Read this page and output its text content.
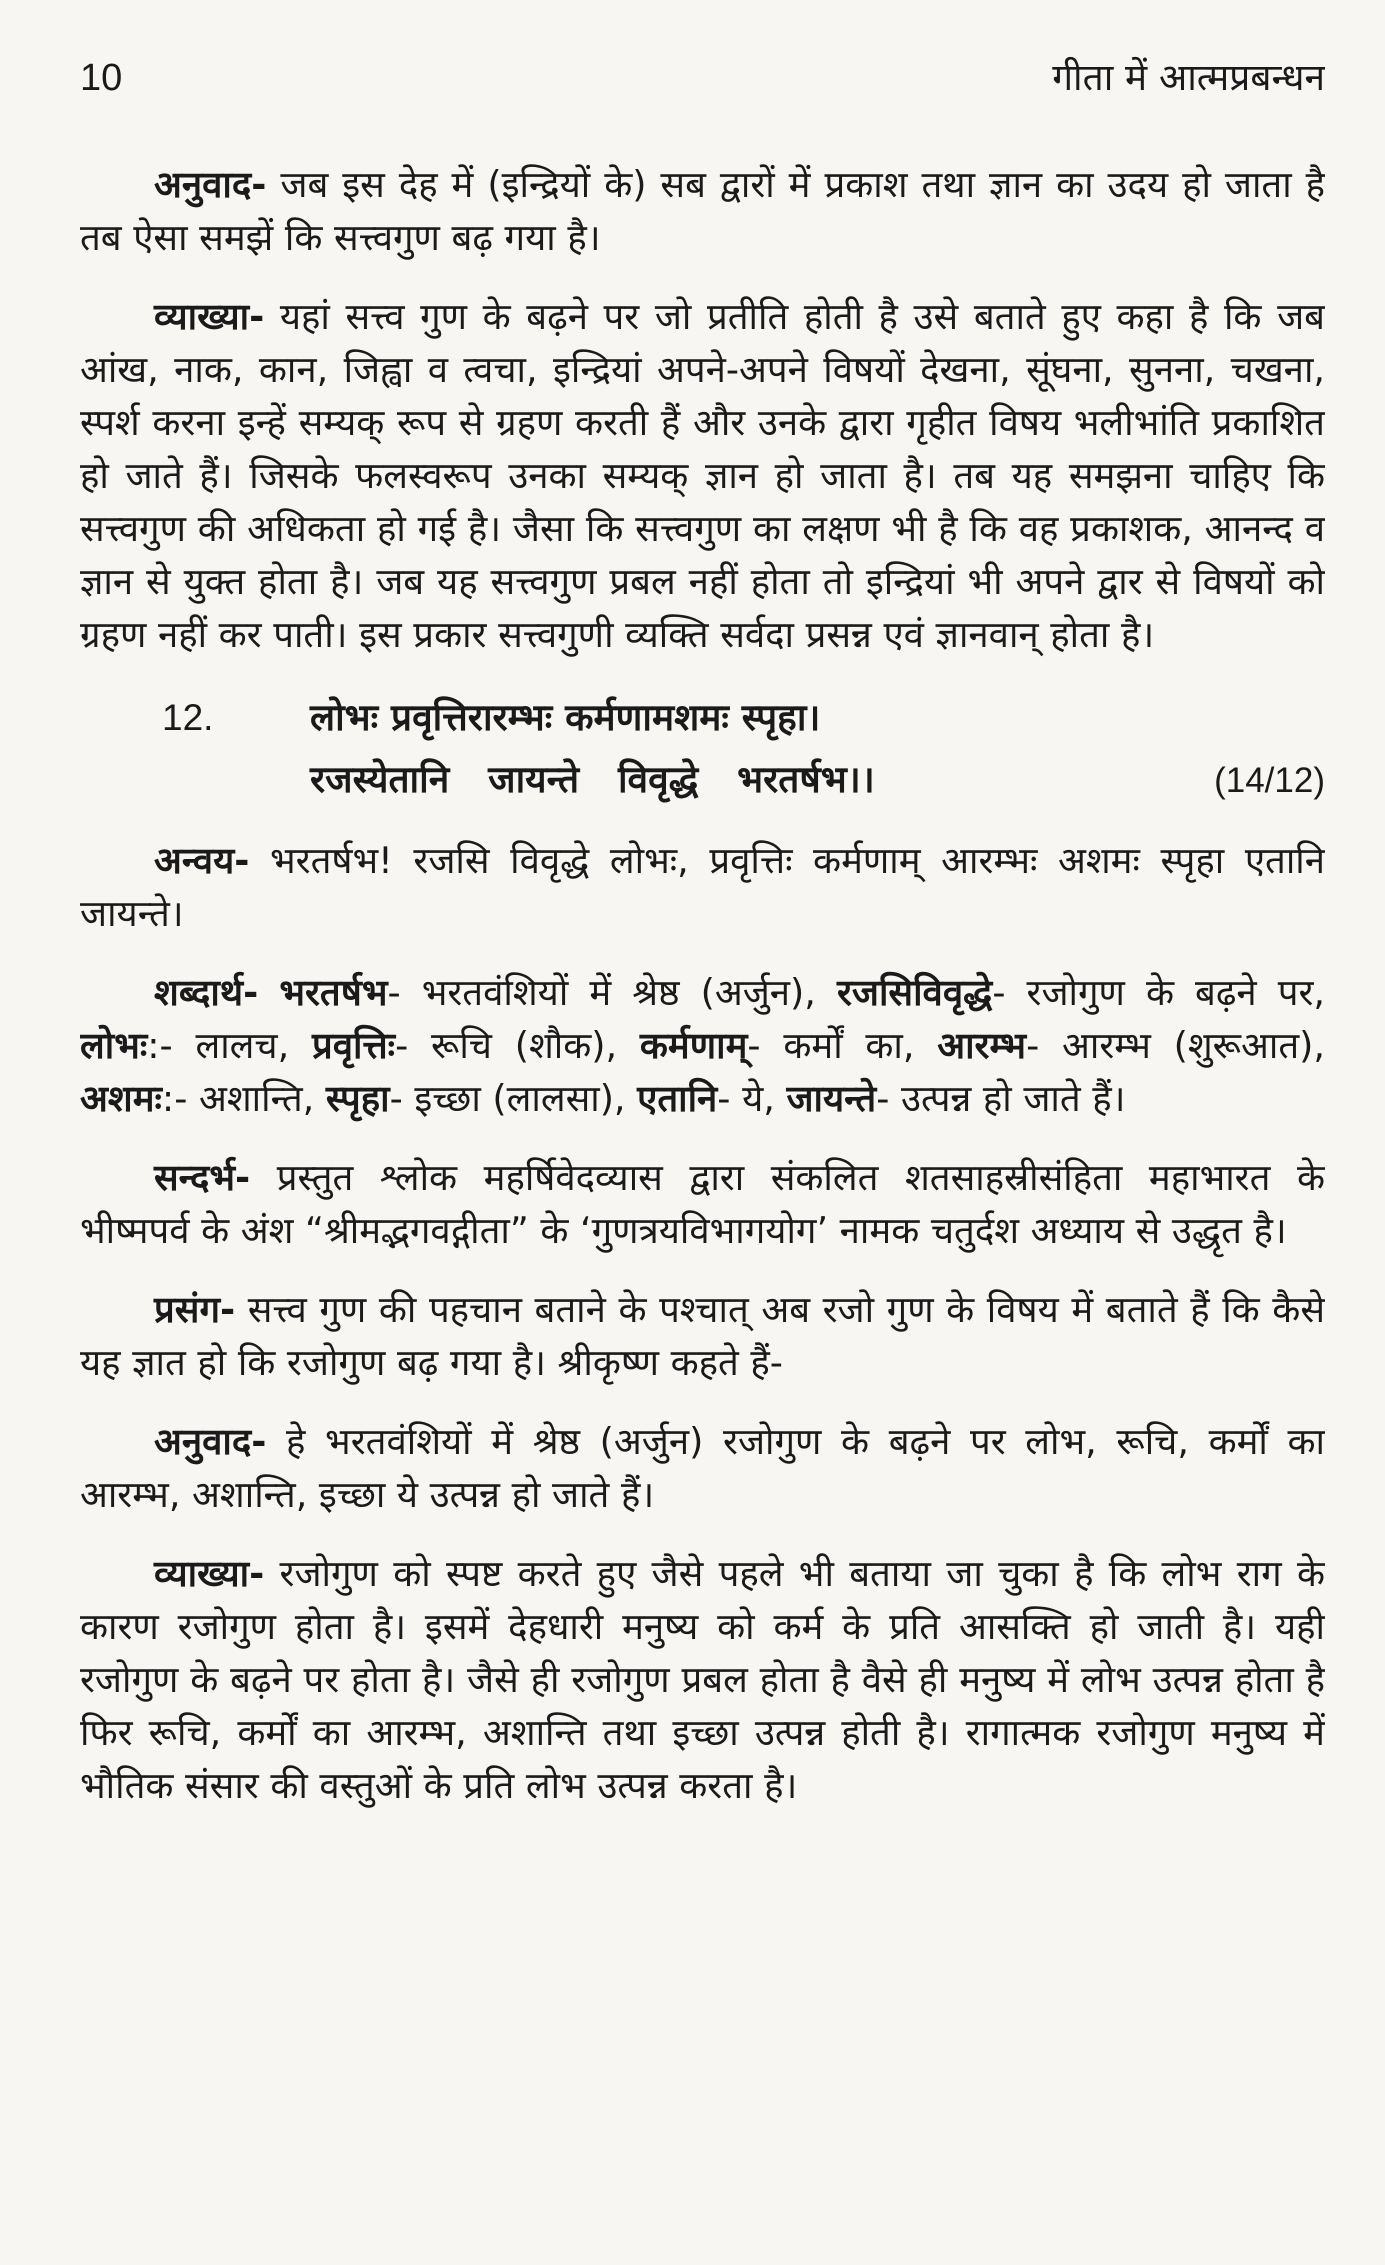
10	गीता में आत्मप्रबन्धन

अनुवाद- जब इस देह में (इन्द्रियों के) सब द्वारों में प्रकाश तथा ज्ञान का उदय हो जाता है तब ऐसा समझें कि सत्त्वगुण बढ़ गया है।

व्याख्या- यहां सत्त्व गुण के बढ़ने पर जो प्रतीति होती है उसे बताते हुए कहा है कि जब आंख, नाक, कान, जिह्वा व त्वचा, इन्द्रियां अपने-अपने विषयों देखना, सूंघना, सुनना, चखना, स्पर्श करना इन्हें सम्यक् रूप से ग्रहण करती हैं और उनके द्वारा गृहीत विषय भलीभांति प्रकाशित हो जाते हैं। जिसके फलस्वरूप उनका सम्यक् ज्ञान हो जाता है। तब यह समझना चाहिए कि सत्त्वगुण की अधिकता हो गई है। जैसा कि सत्त्वगुण का लक्षण भी है कि वह प्रकाशक, आनन्द व ज्ञान से युक्त होता है। जब यह सत्त्वगुण प्रबल नहीं होता तो इन्द्रियां भी अपने द्वार से विषयों को ग्रहण नहीं कर पाती। इस प्रकार सत्त्वगुणी व्यक्ति सर्वदा प्रसन्न एवं ज्ञानवान् होता है।

12.	लोभः प्रवृत्तिरारम्भः कर्मणामशमः स्पृहा।
रजस्येतानि जायन्ते विवृद्धे भरतर्षभ।।	(14/12)

अन्वय- भरतर्षभ! रजसि विवृद्धे लोभः, प्रवृत्तिः कर्मणाम् आरम्भः अशमः स्पृहा एतानि जायन्ते।

शब्दार्थ- भरतर्षभ- भरतवंशियों में श्रेष्ठ (अर्जुन), रजसिविवृद्धे- रजोगुण के बढ़ने पर, लोभः:- लालच, प्रवृत्तिः- रूचि (शौक), कर्मणाम्- कर्मों का, आरम्भ- आरम्भ (शुरूआत), अशमः:- अशान्ति, स्पृहा- इच्छा (लालसा), एतानि- ये, जायन्ते- उत्पन्न हो जाते हैं।

सन्दर्भ- प्रस्तुत श्लोक महर्षिवेदव्यास द्वारा संकलित शतसाहस्रीसंहिता महाभारत के भीष्मपर्व के अंश “श्रीमद्भगवद्गीता” के ‘गुणत्रयविभागयोग’ नामक चतुर्दश अध्याय से उद्धृत है।

प्रसंग- सत्त्व गुण की पहचान बताने के पश्चात् अब रजो गुण के विषय में बताते हैं कि कैसे यह ज्ञात हो कि रजोगुण बढ़ गया है। श्रीकृष्ण कहते हैं-

अनुवाद- हे भरतवंशियों में श्रेष्ठ (अर्जुन) रजोगुण के बढ़ने पर लोभ, रूचि, कर्मों का आरम्भ, अशान्ति, इच्छा ये उत्पन्न हो जाते हैं।

व्याख्या- रजोगुण को स्पष्ट करते हुए जैसे पहले भी बताया जा चुका है कि लोभ राग के कारण रजोगुण होता है। इसमें देहधारी मनुष्य को कर्म के प्रति आसक्ति हो जाती है। यही रजोगुण के बढ़ने पर होता है। जैसे ही रजोगुण प्रबल होता है वैसे ही मनुष्य में लोभ उत्पन्न होता है फिर रूचि, कर्मों का आरम्भ, अशान्ति तथा इच्छा उत्पन्न होती है। रागात्मक रजोगुण मनुष्य में भौतिक संसार की वस्तुओं के प्रति लोभ उत्पन्न करता है।
